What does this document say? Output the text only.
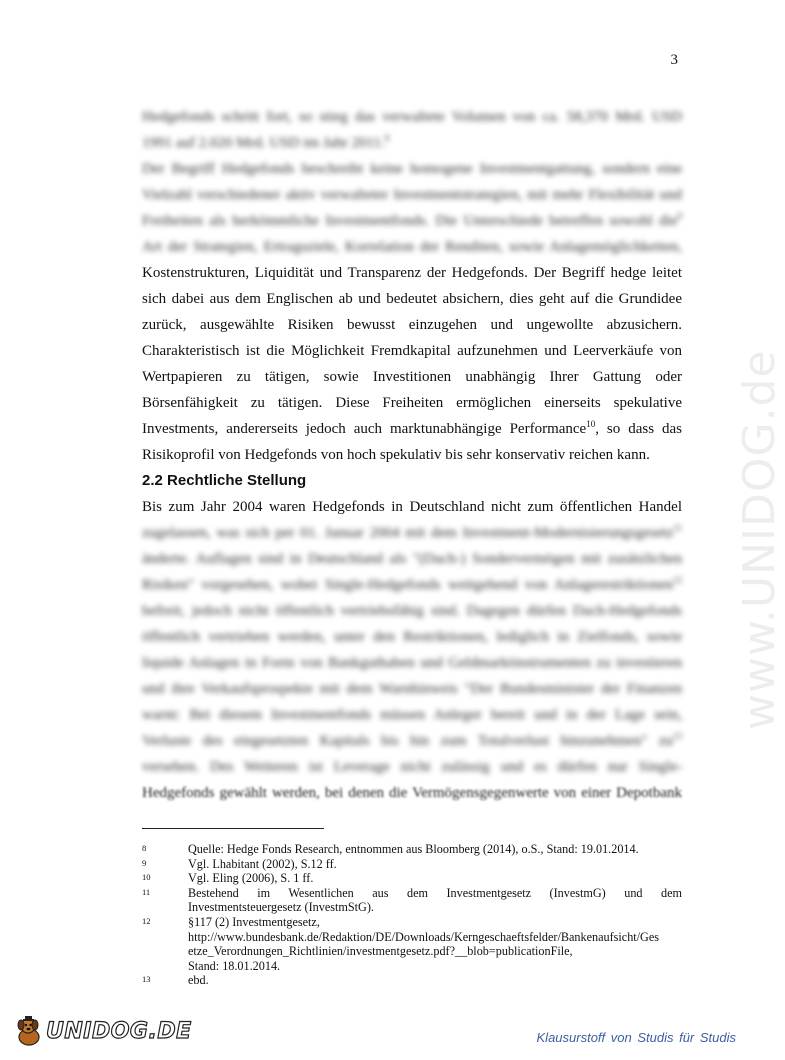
3
www.UNIDOG.de
Hedgefonds schritt fort, so stieg das verwaltete Volumen von ca. 58,370 Mrd. USD
1991 auf 2.020 Mrd. USD im Jahr 2011.$^8$
Der Begriff Hedgefonds beschreibt keine homogene Investmentgattung, sondern eine
Vielzahl verschiedener aktiv verwalteter Investmentstrategien, mit mehr Flexibilität und
Freiheiten als herkömmliche Investmentfonds. Die Unterschiede betreffen sowohl die$^9$
Art der Strategien, Ertragsziele, Korrelation der Renditen, sowie Anlagemöglichkeiten,
Kostenstrukturen, Liquidität und Transparenz der Hedgefonds. Der Begriff hedge leitet
sich dabei aus dem Englischen ab und bedeutet absichern, dies geht auf die Grundidee
zurück, ausgewählte Risiken bewusst einzugehen und ungewollte abzusichern.
Charakteristisch ist die Möglichkeit Fremdkapital aufzunehmen und Leerverkäufe von
Wertpapieren zu tätigen, sowie Investitionen unabhängig Ihrer Gattung oder
Börsenfähigkeit zu tätigen. Diese Freiheiten ermöglichen einerseits spekulative
Investments, andererseits jedoch auch marktunabhängige Performance$^{10}$, so dass das
Risikoprofil von Hedgefonds von hoch spekulativ bis sehr konservativ reichen kann.
2.2 Rechtliche Stellung
Bis zum Jahr 2004 waren Hedgefonds in Deutschland nicht zum öffentlichen Handel
zugelassen, was sich per 01. Januar 2004 mit dem Investment-Modernisierungsgesetz$^{11}$
änderte. Auflagen sind in Deutschland als "(Dach-) Sondervermögen mit zusätzlichen
Risiken" vorgesehen, wobei Single-Hedgefonds weitgehend von Anlagerestriktionen$^{12}$
befreit, jedoch nicht öffentlich vertriebsfähig sind. Dagegen dürfen Dach-Hedgefonds
öffentlich vertrieben werden, unter den Restriktionen, lediglich in Zielfonds, sowie
liquide Anlagen in Form von Bankguthaben und Geldmarktinstrumenten zu investieren
und ihre Verkaufsprospekte mit dem Warnhinweis "Der Bundesminister der Finanzen
warnt: Bei diesem Investmentfonds müssen Anleger bereit und in der Lage sein,
Verluste des eingesetzten Kapitals bis hin zum Totalverlust hinzunehmen" $zu^{13}$
versehen. Des Weiteren ist Leverage nicht zulässig und es dürfen nur Single-
Hedgefonds gewählt werden, bei denen die Vermögensgegenwerte von einer Depotbank
8	Quelle: Hedge Fonds Research, entnommen aus Bloomberg (2014), o.S., Stand: 19.01.2014.
9	Vgl. Lhabitant (2002), S.12 ff.
10	Vgl. Eling (2006), S. 1 ff.
11	Bestehend im Wesentlichen aus dem Investmentgesetz (InvestmG) und dem
Investmentsteuergesetz (InvestmStG).
12	§117 (2) Investmentgesetz,
http://www.bundesbank.de/Redaktion/DE/Downloads/Kerngeschaeftsfelder/Bankenaufsicht/Ges
etze_Verordnungen_Richtlinien/investmentgesetz.pdf?__blob=publicationFile,
Stand: 18.01.2014.
13	ebd.
UNIDOG.DE	Klausurstoff von Studis für Studis
